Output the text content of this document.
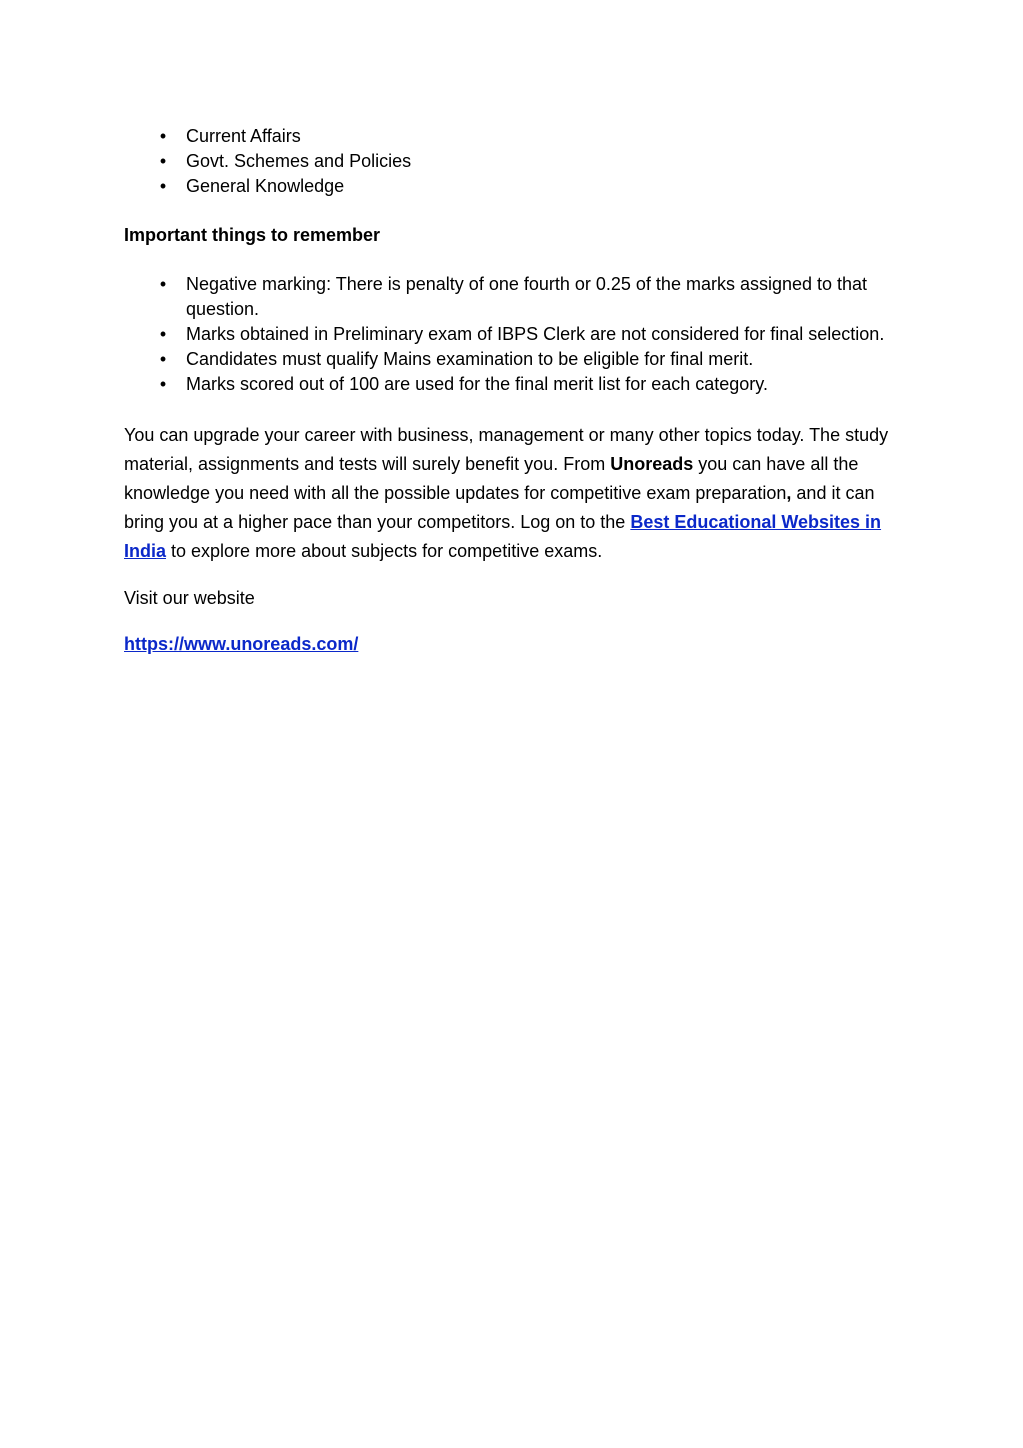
• Current Affairs
• Govt. Schemes and Policies
• General Knowledge
Important things to remember
• Negative marking: There is penalty of one fourth or 0.25 of the marks assigned to that question.
• Marks obtained in Preliminary exam of IBPS Clerk are not considered for final selection.
• Candidates must qualify Mains examination to be eligible for final merit.
• Marks scored out of 100 are used for the final merit list for each category.

You can upgrade your career with business, management or many other topics today. The study material, assignments and tests will surely benefit you. From Unoreads you can have all the knowledge you need with all the possible updates for competitive exam preparation, and it can bring you at a higher pace than your competitors. Log on to the Best Educational Websites in India to explore more about subjects for competitive exams.

Visit our website
https://www.unoreads.com/
